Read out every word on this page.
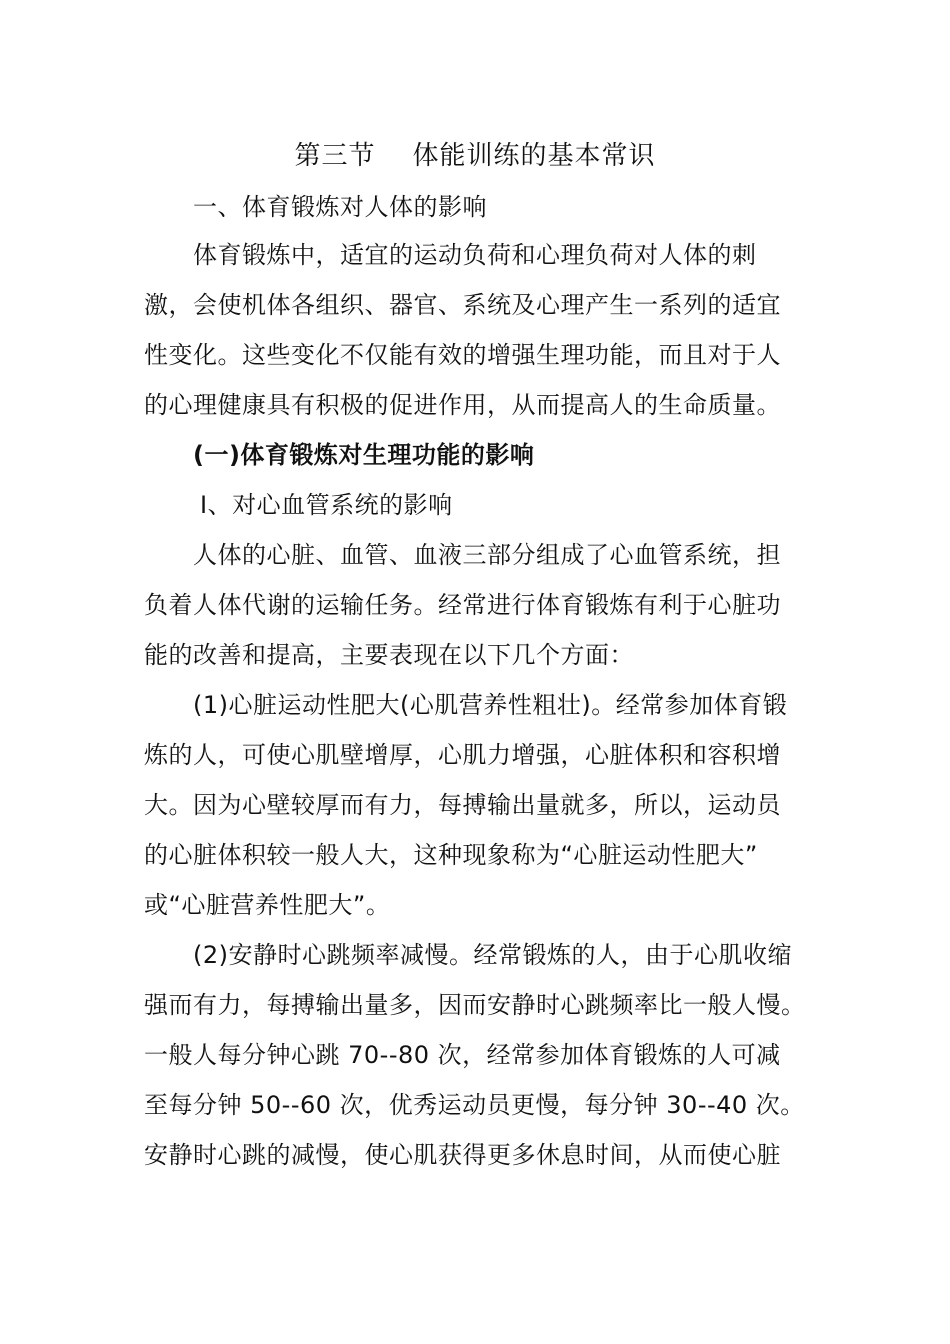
第三节    体能训练的基本常识
一、体育锻炼对人体的影响
体育锻炼中，适宜的运动负荷和心理负荷对人体的刺
激，会使机体各组织、器官、系统及心理产生一系列的适宜
性变化。这些变化不仅能有效的增强生理功能，而且对于人
的心理健康具有积极的促进作用，从而提高人的生命质量。
(一)体育锻炼对生理功能的影响
Ⅰ、对心血管系统的影响
人体的心脏、血管、血液三部分组成了心血管系统，担
负着人体代谢的运输任务。经常进行体育锻炼有利于心脏功
能的改善和提高，主要表现在以下几个方面：
(1)心脏运动性肥大(心肌营养性粗壮)。经常参加体育锻
炼的人，可使心肌壁增厚，心肌力增强，心脏体积和容积增
大。因为心壁较厚而有力，每搏输出量就多，所以，运动员
的心脏体积较一般人大，这种现象称为“心脏运动性肥大”
或“心脏营养性肥大”。
(2)安静时心跳频率减慢。经常锻炼的人，由于心肌收缩
强而有力，每搏输出量多，因而安静时心跳频率比一般人慢。
一般人每分钟心跳 70--80 次，经常参加体育锻炼的人可减
至每分钟 50--60 次，优秀运动员更慢，每分钟 30--40 次。
安静时心跳的减慢，使心肌获得更多休息时间，从而使心脏
